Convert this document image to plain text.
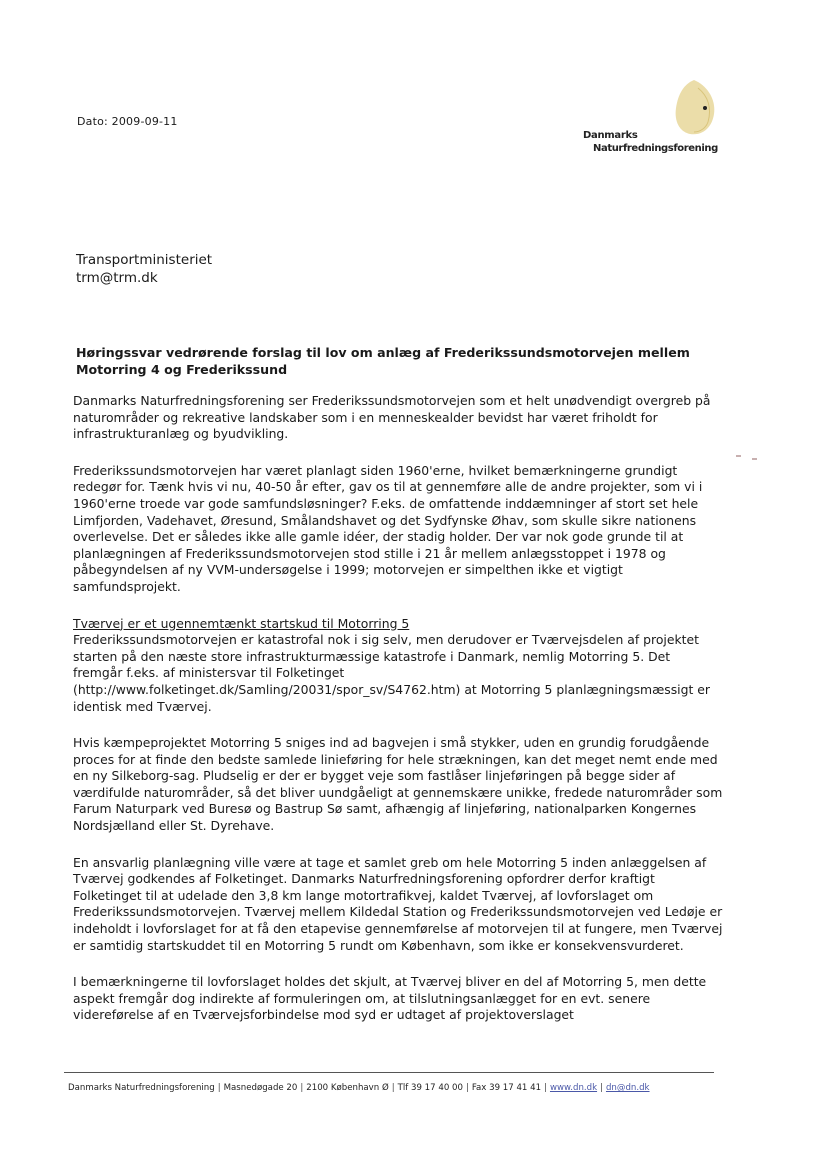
Dato: 2009-09-11
Danmarks
Naturfredningsforening
Transportministeriet
trm@trm.dk
Høringssvar vedrørende forslag til lov om anlæg af Frederikssundsmotorvejen mellem Motorring 4 og Frederikssund

Danmarks Naturfredningsforening ser Frederikssundsmotorvejen som et helt unødvendigt overgreb på naturområder og rekreative landskaber som i en menneskealder bevidst har været friholdt for infrastrukturanlæg og byudvikling.

Frederikssundsmotorvejen har været planlagt siden 1960'erne, hvilket bemærkningerne grundigt redegør for. Tænk hvis vi nu, 40-50 år efter, gav os til at gennemføre alle de andre projekter, som vi i 1960'erne troede var gode samfundsløsninger? F.eks. de omfattende inddæmninger af stort set hele Limfjorden, Vadehavet, Øresund, Smålandshavet og det Sydfynske Øhav, som skulle sikre nationens overlevelse. Det er således ikke alle gamle idéer, der stadig holder. Der var nok gode grunde til at planlægningen af Frederikssundsmotorvejen stod stille i 21 år mellem anlægsstoppet i 1978 og påbegyndelsen af ny VVM-undersøgelse i 1999; motorvejen er simpelthen ikke et vigtigt samfundsprojekt.

Tværvej er et ugennemtænkt startskud til Motorring 5

Frederikssundsmotorvejen er katastrofal nok i sig selv, men derudover er Tværvejsdelen af projektet starten på den næste store infrastrukturmæssige katastrofe i Danmark, nemlig Motorring 5. Det fremgår f.eks. af ministersvar til Folketinget (http://www.folketinget.dk/Samling/20031/spor_sv/S4762.htm) at Motorring 5 planlægningsmæssigt er identisk med Tværvej.

Hvis kæmpeprojektet Motorring 5 sniges ind ad bagvejen i små stykker, uden en grundig forudgående proces for at finde den bedste samlede linieføring for hele strækningen, kan det meget nemt ende med en ny Silkeborg-sag. Pludselig er der er bygget veje som fastlåser linjeføringen på begge sider af værdifulde naturområder, så det bliver uundgåeligt at gennemskære unikke, fredede naturområder som Farum Naturpark ved Buresø og Bastrup Sø samt, afhængig af linjeføring, nationalparken Kongernes Nordsjælland eller St. Dyrehave.

En ansvarlig planlægning ville være at tage et samlet greb om hele Motorring 5 inden anlæggelsen af Tværvej godkendes af Folketinget. Danmarks Naturfredningsforening opfordrer derfor kraftigt Folketinget til at udelade den 3,8 km lange motortrafikvej, kaldet Tværvej, af lovforslaget om Frederikssundsmotorvejen. Tværvej mellem Kildedal Station og Frederikssundsmotorvejen ved Ledøje er indeholdt i lovforslaget for at få den etapevise gennemførelse af motorvejen til at fungere, men Tværvej er samtidig startskuddet til en Motorring 5 rundt om København, som ikke er konsekvensvurderet.

I bemærkningerne til lovforslaget holdes det skjult, at Tværvej bliver en del af Motorring 5, men dette aspekt fremgår dog indirekte af formuleringen om, at tilslutningsanlægget for en evt. senere videreførelse af en Tværvejsforbindelse mod syd er udtaget af projektoverslaget

Danmarks Naturfredningsforening | Masnedøgade 20 | 2100 København Ø | Tlf 39 17 40 00 | Fax 39 17 41 41 | www.dn.dk | dn@dn.dk
